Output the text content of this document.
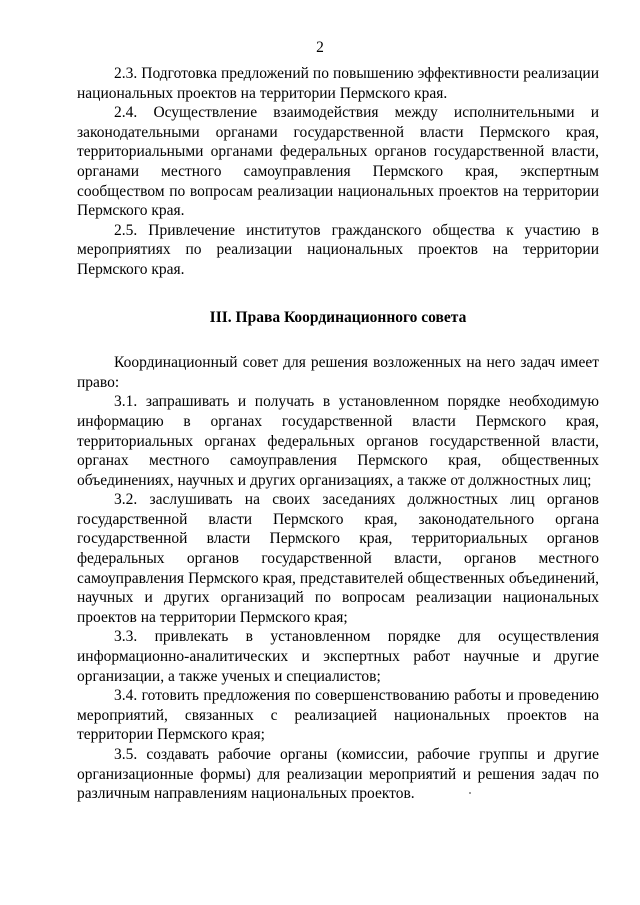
2

2.3. Подготовка предложений по повышению эффективности реализации национальных проектов на территории Пермского края.

2.4. Осуществление взаимодействия между исполнительными и законодательными органами государственной власти Пермского края, территориальными органами федеральных органов государственной власти, органами местного самоуправления Пермского края, экспертным сообществом по вопросам реализации национальных проектов на территории Пермского края.

2.5. Привлечение институтов гражданского общества к участию в мероприятиях по реализации национальных проектов на территории Пермского края.

III. Права Координационного совета

Координационный совет для решения возложенных на него задач имеет право:

3.1. запрашивать и получать в установленном порядке необходимую информацию в органах государственной власти Пермского края, территориальных органах федеральных органов государственной власти, органах местного самоуправления Пермского края, общественных объединениях, научных и других организациях, а также от должностных лиц;

3.2. заслушивать на своих заседаниях должностных лиц органов государственной власти Пермского края, законодательного органа государственной власти Пермского края, территориальных органов федеральных органов государственной власти, органов местного самоуправления Пермского края, представителей общественных объединений, научных и других организаций по вопросам реализации национальных проектов на территории Пермского края;

3.3. привлекать в установленном порядке для осуществления информационно-аналитических и экспертных работ научные и другие организации, а также ученых и специалистов;

3.4. готовить предложения по совершенствованию работы и проведению мероприятий, связанных с реализацией национальных проектов на территории Пермского края;

3.5. создавать рабочие органы (комиссии, рабочие группы и другие организационные формы) для реализации мероприятий и решения задач по различным направлениям национальных проектов.
